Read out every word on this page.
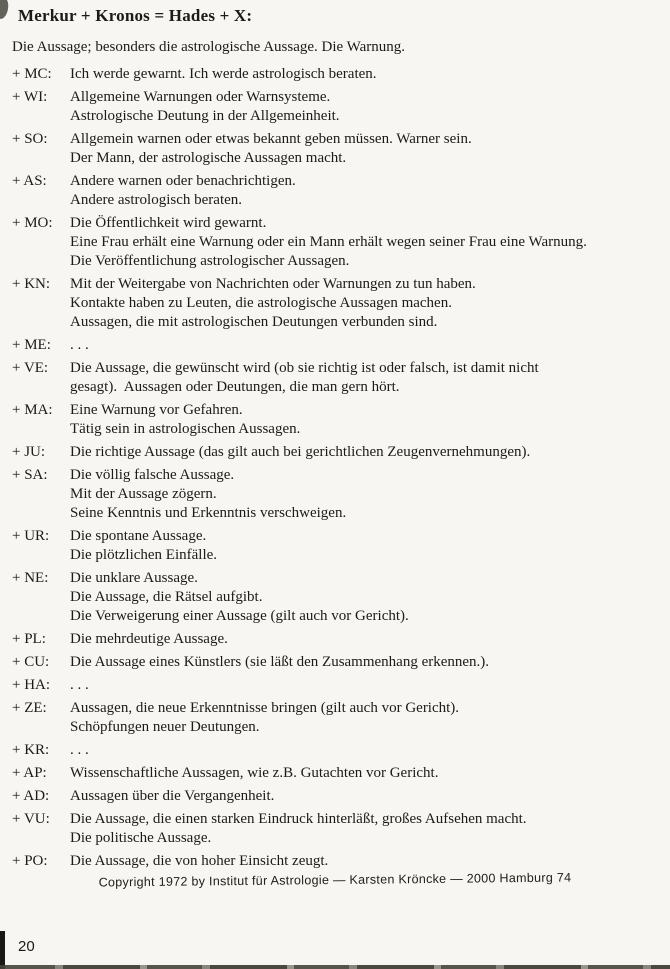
Merkur + Kronos = Hades + X:
Die Aussage; besonders die astrologische Aussage. Die Warnung.
+ MC:	Ich werde gewarnt. Ich werde astrologisch beraten.
+ WI:	Allgemeine Warnungen oder Warnsysteme.
Astrologische Deutung in der Allgemeinheit.
+ SO:	Allgemein warnen oder etwas bekannt geben müssen. Warner sein.
Der Mann, der astrologische Aussagen macht.
+ AS:	Andere warnen oder benachrichtigen.
Andere astrologisch beraten.
+ MO:	Die Öffentlichkeit wird gewarnt.
Eine Frau erhält eine Warnung oder ein Mann erhält wegen seiner Frau eine Warnung.
Die Veröffentlichung astrologischer Aussagen.
+ KN:	Mit der Weitergabe von Nachrichten oder Warnungen zu tun haben.
Kontakte haben zu Leuten, die astrologische Aussagen machen.
Aussagen, die mit astrologischen Deutungen verbunden sind.
+ ME:	. . .
+ VE:	Die Aussage, die gewünscht wird (ob sie richtig ist oder falsch, ist damit nicht
gesagt).  Aussagen oder Deutungen, die man gern hört.
+ MA:	Eine Warnung vor Gefahren.
Tätig sein in astrologischen Aussagen.
+ JU:	Die richtige Aussage (das gilt auch bei gerichtlichen Zeugenvernehmungen).
+ SA:	Die völlig falsche Aussage.
Mit der Aussage zögern.
Seine Kenntnis und Erkenntnis verschweigen.
+ UR:	Die spontane Aussage.
Die plötzlichen Einfälle.
+ NE:	Die unklare Aussage.
Die Aussage, die Rätsel aufgibt.
Die Verweigerung einer Aussage (gilt auch vor Gericht).
+ PL:	Die mehrdeutige Aussage.
+ CU:	Die Aussage eines Künstlers (sie läßt den Zusammenhang erkennen.).
+ HA:	. . .
+ ZE:	Aussagen, die neue Erkenntnisse bringen (gilt auch vor Gericht).
Schöpfungen neuer Deutungen.
+ KR:	. . .
+ AP:	Wissenschaftliche Aussagen, wie z.B. Gutachten vor Gericht.
+ AD:	Aussagen über die Vergangenheit.
+ VU:	Die Aussage, die einen starken Eindruck hinterläßt, großes Aufsehen macht.
Die politische Aussage.
+ PO:	Die Aussage, die von hoher Einsicht zeugt.
Copyright 1972 by Institut für Astrologie — Karsten Kröncke — 2000 Hamburg 74
20
